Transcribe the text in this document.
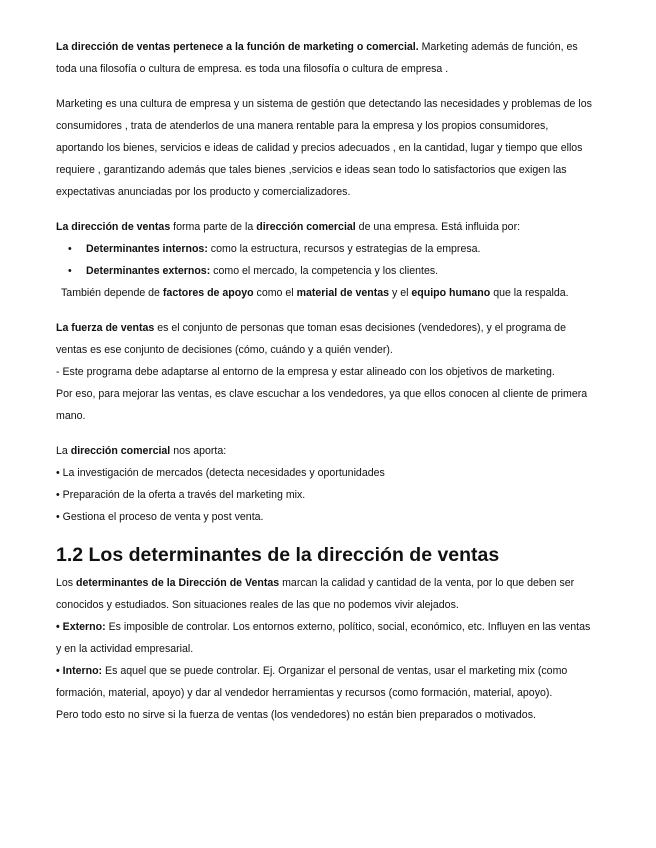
La dirección de ventas pertenece a la función de marketing o comercial. Marketing además de función, es toda una filosofía o cultura de empresa. es toda una filosofía o cultura de empresa .

Marketing es una cultura de empresa y un sistema de gestión que detectando las necesidades y problemas de los consumidores , trata de atenderlos de una manera rentable para la empresa y los propios consumidores, aportando los bienes, servicios e ideas de calidad y precios adecuados , en la cantidad, lugar y tiempo que ellos requiere , garantizando además que tales bienes ,servicios e ideas sean todo lo satisfactorios que exigen las expectativas anunciadas por los producto y comercializadores.

La dirección de ventas forma parte de la dirección comercial de una empresa. Está influida por:

• Determinantes internos: como la estructura, recursos y estrategias de la empresa.
• Determinantes externos: como el mercado, la competencia y los clientes.

También depende de factores de apoyo como el material de ventas y el equipo humano que la respalda.

La fuerza de ventas es el conjunto de personas que toman esas decisiones (vendedores), y el programa de ventas es ese conjunto de decisiones (cómo, cuándo y a quién vender).

- Este programa debe adaptarse al entorno de la empresa y estar alineado con los objetivos de marketing.

Por eso, para mejorar las ventas, es clave escuchar a los vendedores, ya que ellos conocen al cliente de primera mano.

La dirección comercial nos aporta:

• La investigación de mercados (detecta necesidades y oportunidades

• Preparación de la oferta a través del marketing mix.

• Gestiona el proceso de venta y post venta.

1.2 Los determinantes de la dirección de ventas

Los determinantes de la Dirección de Ventas marcan la calidad y cantidad de la venta, por lo que deben ser conocidos y estudiados. Son situaciones reales de las que no podemos vivir alejados.

• Externo: Es imposible de controlar. Los entornos externo, político, social, económico, etc. Influyen en las ventas y en la actividad empresarial.

• Interno: Es aquel que se puede controlar. Ej. Organizar el personal de ventas, usar el marketing mix (como formación, material, apoyo) y dar al vendedor herramientas y recursos (como formación, material, apoyo).

Pero todo esto no sirve si la fuerza de ventas (los vendedores) no están bien preparados o motivados.
